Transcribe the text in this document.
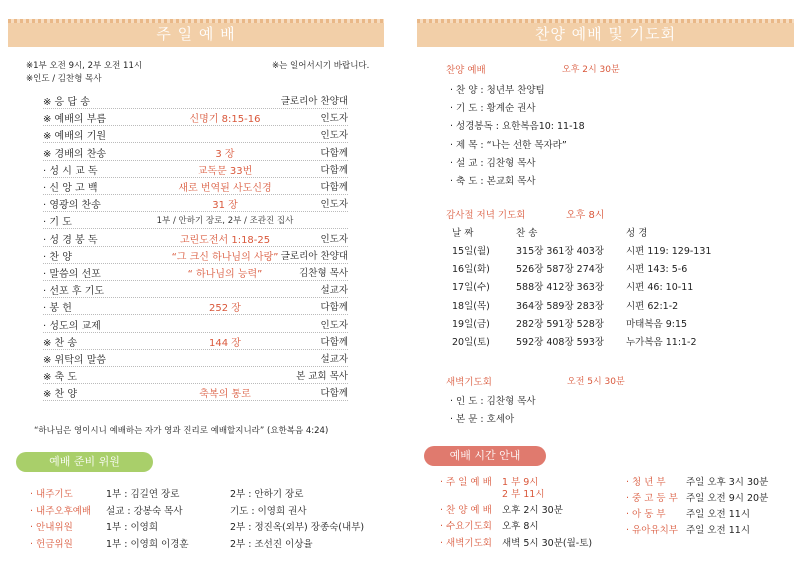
주 일 예 배
※1부 오전 9시, 2부 오전 11시	※는 일어서시기 바랍니다.
※인도 / 김찬형 목사
※ 응 답 송	글로리아 찬양대
※ 예배의 부름	신명기 8:15-16	인도자
※ 예배의 기원	인도자
※ 경배의 찬송	3 장	다함께
· 성 시 교 독	교독문 33번	다함께
· 신 앙 고 백	새로 번역된 사도신경	다함께
· 영광의 찬송	31 장	인도자
· 기 도	1부 / 안하기 장로, 2부 / 조관진 집사
· 성 경 봉 독	고린도전서 1:18-25	인도자
· 찬 양	“그 크신 하나님의 사랑” 글로리아 찬양대
· 말씀의 선포	“ 하나님의 능력”	김찬형 목사
· 선포 후 기도	설교자
· 봉 헌	252 장	다함께
· 성도의 교제	인도자
※ 찬 송	144 장	다함께
※ 위탁의 말씀	설교자
※ 축 도	본 교회 목사
※ 찬 양	축복의 통로	다함께
“하나님은 영이시니 예배하는 자가 영과 진리로 예배할지니라” (요한복음 4:24)
예배 준비 위원
· 내주기도	1부 : 김길연 장로	2부 : 안하기 장로
· 내주오후예배 설교 : 강봉숙 목사	기도 : 이영희 권사
· 안내위원	1부 : 이영희	2부 : 정진옥(외부) 장종숙(내부)
· 헌금위원	1부 : 이영희 이경훈	2부 : 조선진 이상율
찬양 예배 및 기도회
찬양 예배	오후 2시 30분
· 찬 양 : 청년부 찬양팀
· 기 도 : 황계순 권사
· 성경봉독 : 요한복음10: 11-18
· 제 목 : “나는 선한 목자라”
· 설 교 : 김찬형 목사
· 축 도 : 본교회 목사
감사절 저녁 기도회	오후 8시
날 짜	찬 송	성 경
15일(월)	315장 361장 403장 시편 119: 129-131
16일(화)	526장 587장 274장 시편 143: 5-6
17일(수)	588장 412장 363장 시편 46: 10-11
18일(목)	364장 589장 283장 시편 62:1-2
19일(금)	282장 591장 528장 마태복음 9:15
20일(토)	592장 408장 593장 누가복음 11:1-2
새벽기도회	오전 5시 30분
· 인 도 : 김찬형 목사
· 본 문 : 호세아
예배 시간 안내
· 주 일 예 배 1 부 9시
2 부 11시
· 찬 양 예 배 오후 2시 30분
· 수요기도회 오후 8시
· 새벽기도회 새벽 5시 30분(월-토)
· 청 년 부 주일 오후 3시 30분
· 중 고 등 부 주일 오전 9시 20분
· 아 동 부 주일 오전 11시
· 유아유치부 주일 오전 11시
